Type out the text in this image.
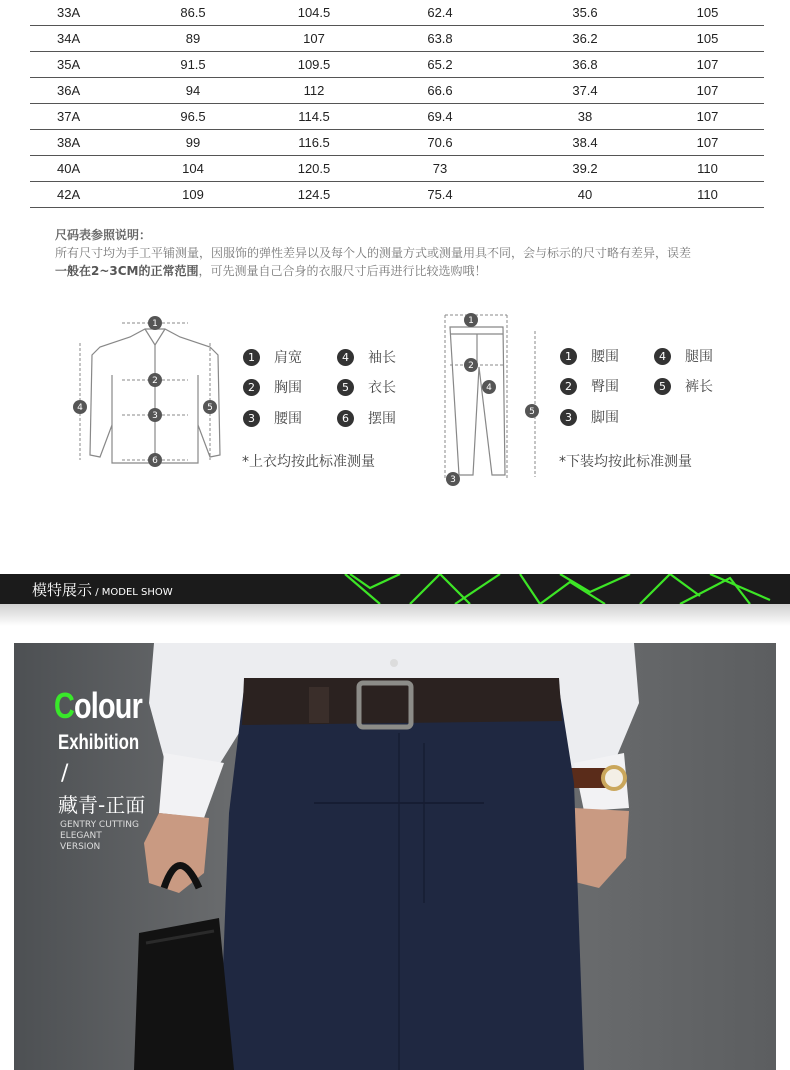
33A	86.5	104.5	62.4	35.6	105
34A	89	107	63.8	36.2	105
35A	91.5	109.5	65.2	36.8	107
36A	94	112	66.6	37.4	107
37A	96.5	114.5	69.4	38	107
38A	99	116.5	70.6	38.4	107
40A	104	120.5	73	39.2	110
42A	109	124.5	75.4	40	110
尺码表参照说明：
所有尺寸均为手工平铺测量，因服饰的弹性差异以及每个人的测量方式或测量用具不同，会与标示的尺寸略有差异，误差
一般在2~3CM的正常范围，可先测量自己合身的衣服尺寸后再进行比较选购哦！
1
2
3
4	5
6
1 肩宽	4 袖长
2 胸围	5 衣长
3 腰围	6 摆围
*上衣均按此标准测量
1
2
4
3
5
1 腰围	4 腿围
2 臀围	5 裤长
3 脚围
*下装均按此标准测量
模特展示 / MODEL SHOW
Colour
Exhibition
/
藏青-正面
GENTRY CUTTING
ELEGANT
VERSION
